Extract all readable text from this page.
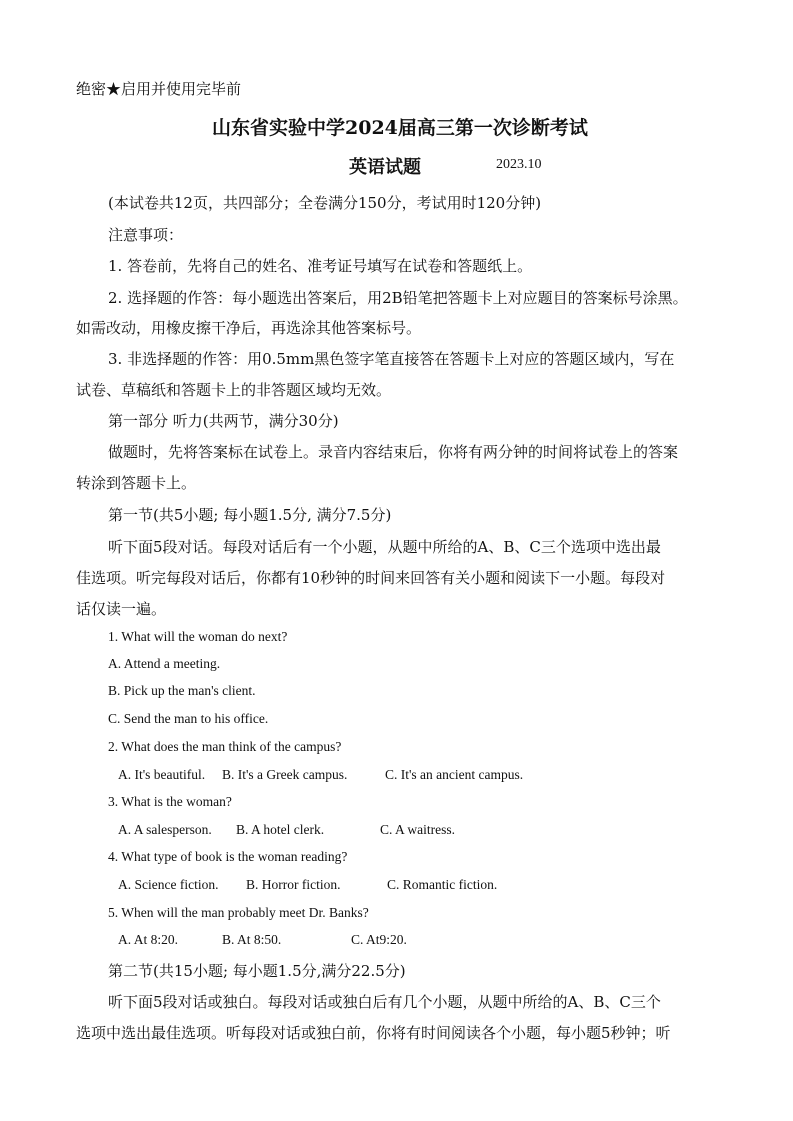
绝密★启用并使用完毕前
山东省实验中学2024届高三第一次诊断考试
英语试题	2023.10
(本试卷共12页，共四部分；全卷满分150分，考试用时120分钟)
注意事项：
1. 答卷前，先将自己的姓名、准考证号填写在试卷和答题纸上。
2. 选择题的作答：每小题选出答案后，用2B铅笔把答题卡上对应题目的答案标号涂黑。
如需改动，用橡皮擦干净后，再选涂其他答案标号。
3. 非选择题的作答：用0.5mm黑色签字笔直接答在答题卡上对应的答题区域内，写在
试卷、草稿纸和答题卡上的非答题区域均无效。
第一部分 听力(共两节，满分30分)
做题时，先将答案标在试卷上。录音内容结束后，你将有两分钟的时间将试卷上的答案
转涂到答题卡上。
第一节(共5小题; 每小题1.5分, 满分7.5分)
听下面5段对话。每段对话后有一个小题，从题中所给的A、B、C三个选项中选出最
佳选项。听完每段对话后，你都有10秒钟的时间来回答有关小题和阅读下一小题。每段对
话仅读一遍。
1. What will the woman do next?
A. Attend a meeting.
B. Pick up the man's client.
C. Send the man to his office.
2. What does the man think of the campus?
A. It's beautiful. B. It's a Greek campus.	C. It's an ancient campus.
3. What is the woman?
A. A salesperson. B. A hotel clerk.	C. A waitress.
4. What type of book is the woman reading?
A. Science fiction. B. Horror fiction.	C. Romantic fiction.
5. When will the man probably meet Dr. Banks?
A. At 8:20.	B. At 8:50.	C. At9:20.
第二节(共15小题; 每小题1.5分,满分22.5分)
听下面5段对话或独白。每段对话或独白后有几个小题，从题中所给的A、B、C三个
选项中选出最佳选项。听每段对话或独白前，你将有时间阅读各个小题，每小题5秒钟；听
